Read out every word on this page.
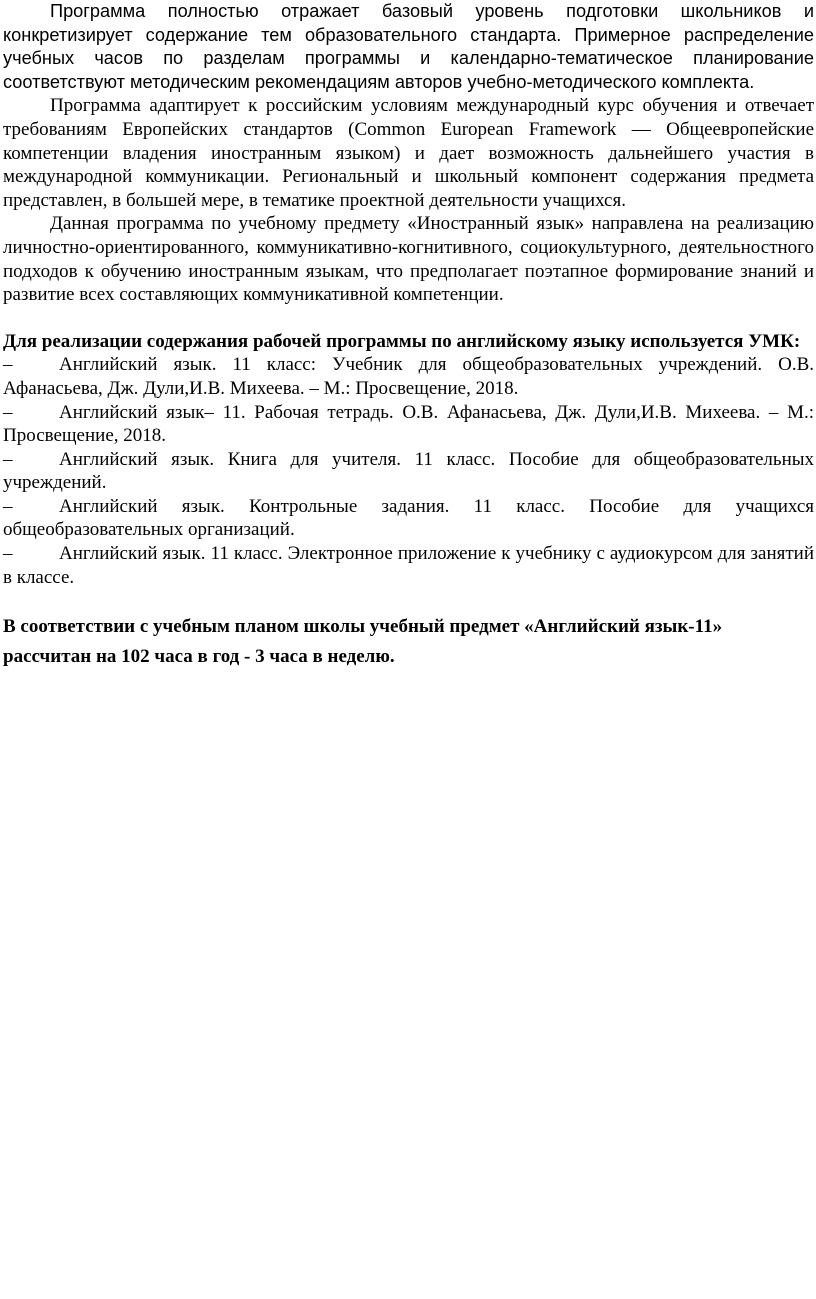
Программа полностью отражает базовый уровень подготовки школьников и конкретизирует содержание тем образовательного стандарта. Примерное распределение учебных часов по разделам программы и календарно-тематическое планирование соответствуют методическим рекомендациям авторов учебно-методического комплекта.

Программа адаптирует к российским условиям международный курс обучения и отвечает требованиям Европейских стандартов (Common European Framework — Общеевропейские компетенции владения иностранным языком) и дает возможность дальнейшего участия в международной коммуникации. Региональный и школьный компонент содержания предмета представлен, в большей мере, в тематике проектной деятельности учащихся.

Данная программа по учебному предмету «Иностранный язык» направлена на реализацию личностно-ориентированного, коммуникативно-когнитивного, социокультурного, деятельностного подходов к обучению иностранным языкам, что предполагает поэтапное формирование знаний и развитие всех составляющих коммуникативной компетенции.

Для реализации содержания рабочей программы по английскому языку используется УМК:

– Английский язык. 11 класс: Учебник для общеобразовательных учреждений. О.В. Афанасьева, Дж. Дули,И.В. Михеева. – М.: Просвещение, 2018.

– Английский язык– 11. Рабочая тетрадь. О.В. Афанасьева, Дж. Дули,И.В. Михеева. – М.: Просвещение, 2018.

– Английский язык. Книга для учителя. 11 класс. Пособие для общеобразовательных учреждений.

– Английский язык. Контрольные задания. 11 класс. Пособие для учащихся общеобразовательных организаций.

– Английский язык. 11 класс. Электронное приложение к учебнику с аудиокурсом для занятий в классе.

В соответствии с учебным планом школы учебный предмет «Английский язык-11» рассчитан на 102 часа в год - 3 часа в неделю.
